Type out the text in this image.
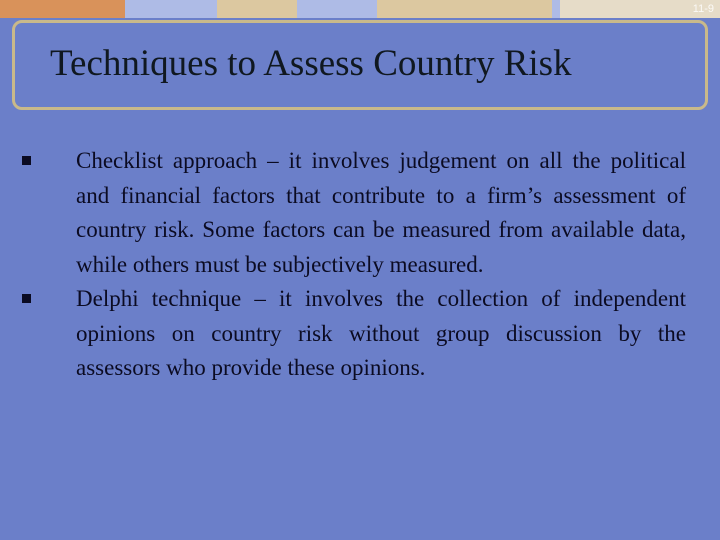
11-9
Techniques to Assess Country Risk
Checklist approach – it involves judgement on all the political and financial factors that contribute to a firm’s assessment of country risk. Some factors can be measured from available data, while others must be subjectively measured.
Delphi technique – it involves the collection of independent opinions on country risk without group discussion by the assessors who provide these opinions.
